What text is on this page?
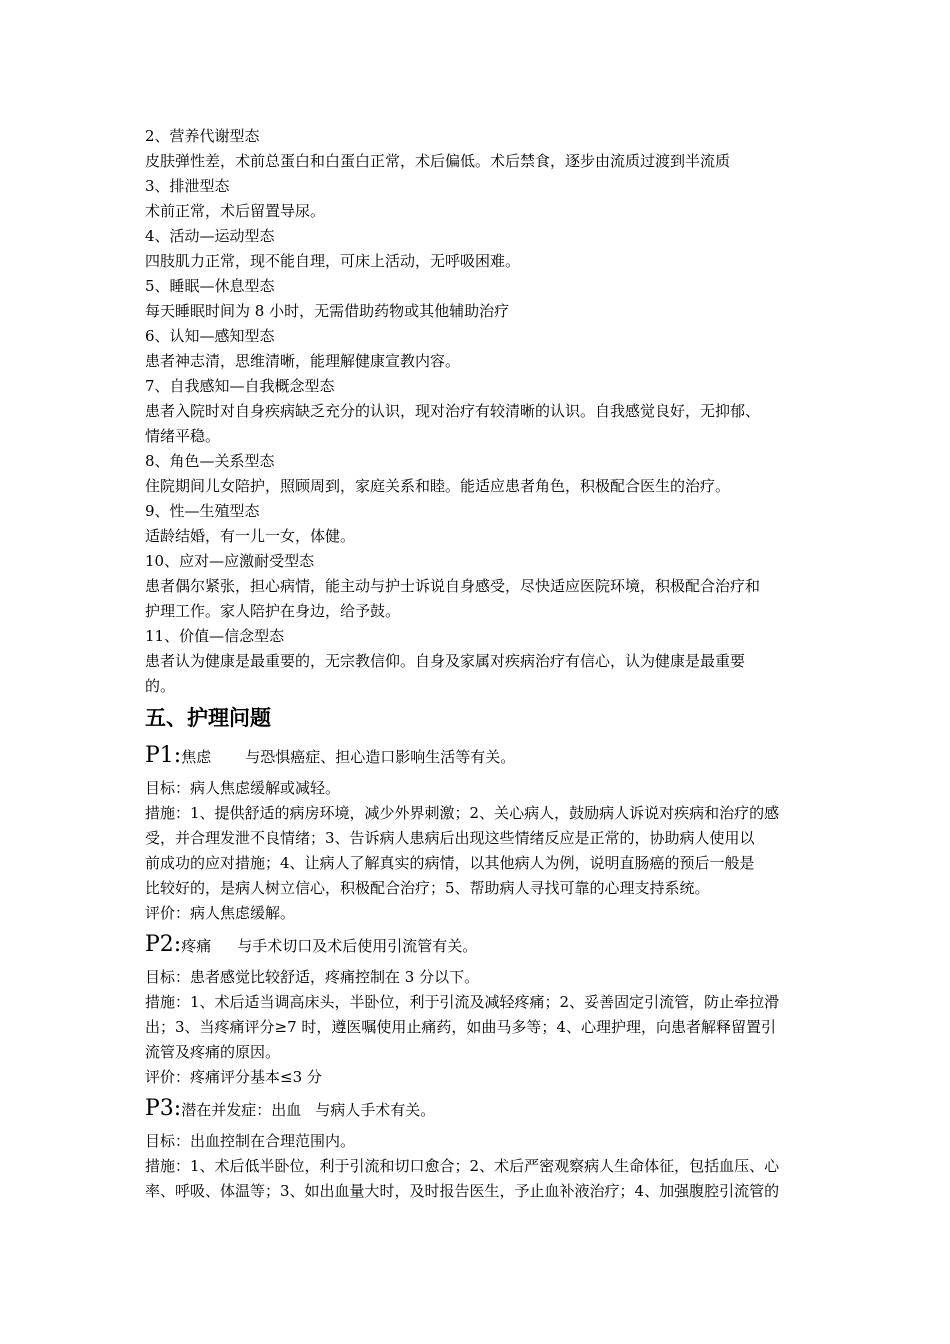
2、营养代谢型态
皮肤弹性差，术前总蛋白和白蛋白正常，术后偏低。术后禁食，逐步由流质过渡到半流质
3、排泄型态
术前正常，术后留置导尿。
4、活动—运动型态
四肢肌力正常，现不能自理，可床上活动，无呼吸困难。
5、睡眠—休息型态
每天睡眠时间为 8 小时，无需借助药物或其他辅助治疗
6、认知—感知型态
患者神志清，思维清晰，能理解健康宣教内容。
7、自我感知—自我概念型态
患者入院时对自身疾病缺乏充分的认识，现对治疗有较清晰的认识。自我感觉良好，无抑郁、
情绪平稳。
8、角色—关系型态
住院期间儿女陪护，照顾周到，家庭关系和睦。能适应患者角色，积极配合医生的治疗。
9、性—生殖型态
适龄结婚，有一儿一女，体健。
10、应对—应激耐受型态
患者偶尔紧张，担心病情，能主动与护士诉说自身感受，尽快适应医院环境，积极配合治疗和
护理工作。家人陪护在身边，给予鼓。
11、价值—信念型态
患者认为健康是最重要的，无宗教信仰。自身及家属对疾病治疗有信心，认为健康是最重要
的。
五、护理问题
P1:焦虑 与恐惧癌症、担心造口影响生活等有关。
目标：病人焦虑缓解或减轻。
措施：1、提供舒适的病房环境，减少外界刺激；2、关心病人，鼓励病人诉说对疾病和治疗的感
受，并合理发泄不良情绪；3、告诉病人患病后出现这些情绪反应是正常的，协助病人使用以
前成功的应对措施；4、让病人了解真实的病情，以其他病人为例，说明直肠癌的预后一般是
比较好的，是病人树立信心，积极配合治疗；5、帮助病人寻找可靠的心理支持系统。
评价：病人焦虑缓解。
P2:疼痛 与手术切口及术后使用引流管有关。
目标：患者感觉比较舒适，疼痛控制在 3 分以下。
措施：1、术后适当调高床头，半卧位，利于引流及减轻疼痛；2、妥善固定引流管，防止牵拉滑
出；3、当疼痛评分≥7 时，遵医嘱使用止痛药，如曲马多等；4、心理护理，向患者解释留置引
流管及疼痛的原因。
评价：疼痛评分基本≤3 分
P3:潜在并发症：出血 与病人手术有关。
目标：出血控制在合理范围内。
措施：1、术后低半卧位，利于引流和切口愈合；2、术后严密观察病人生命体征，包括血压、心
率、呼吸、体温等；3、如出血量大时，及时报告医生，予止血补液治疗；4、加强腹腔引流管的
